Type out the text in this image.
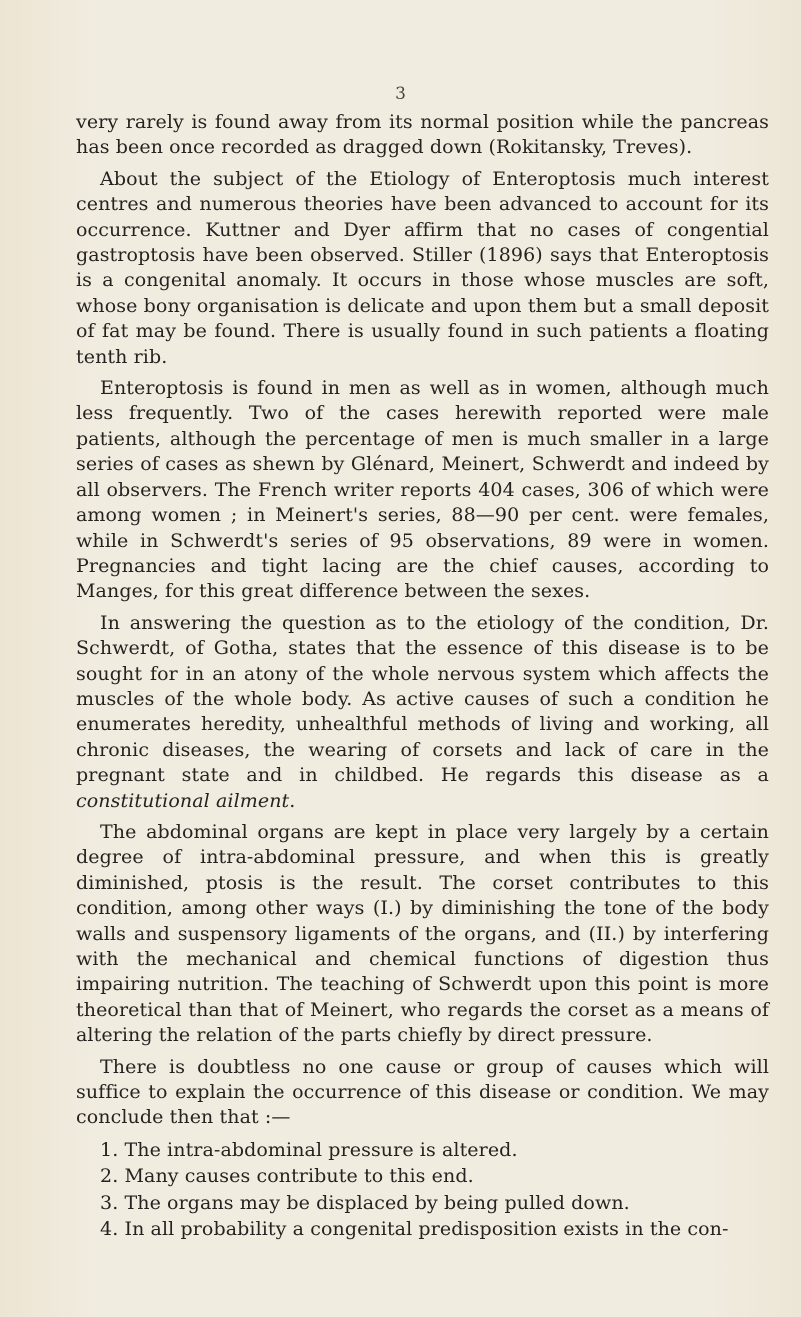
3

very rarely is found away from its normal position while the pancreas has been once recorded as dragged down (Rokitansky, Treves).

About the subject of the Etiology of Enteroptosis much interest centres and numerous theories have been advanced to account for its occurrence. Kuttner and Dyer affirm that no cases of congential gastroptosis have been observed. Stiller (1896) says that Enteroptosis is a congenital anomaly. It occurs in those whose muscles are soft, whose bony organisation is delicate and upon them but a small deposit of fat may be found. There is usually found in such patients a floating tenth rib.

Enteroptosis is found in men as well as in women, although much less frequently. Two of the cases herewith reported were male patients, although the percentage of men is much smaller in a large series of cases as shewn by Glénard, Meinert, Schwerdt and indeed by all observers. The French writer reports 404 cases, 306 of which were among women ; in Meinert's series, 88—90 per cent. were females, while in Schwerdt's series of 95 observations, 89 were in women. Pregnancies and tight lacing are the chief causes, according to Manges, for this great difference between the sexes.

In answering the question as to the etiology of the condition, Dr. Schwerdt, of Gotha, states that the essence of this disease is to be sought for in an atony of the whole nervous system which affects the muscles of the whole body. As active causes of such a condition he enumerates heredity, unhealthful methods of living and working, all chronic diseases, the wearing of corsets and lack of care in the pregnant state and in childbed. He regards this disease as a constitutional ailment.

The abdominal organs are kept in place very largely by a certain degree of intra-abdominal pressure, and when this is greatly diminished, ptosis is the result. The corset contributes to this condition, among other ways (I.) by diminishing the tone of the body walls and suspensory ligaments of the organs, and (II.) by interfering with the mechanical and chemical functions of digestion thus impairing nutrition. The teaching of Schwerdt upon this point is more theoretical than that of Meinert, who regards the corset as a means of altering the relation of the parts chiefly by direct pressure.

There is doubtless no one cause or group of causes which will suffice to explain the occurrence of this disease or condition. We may conclude then that :—

1. The intra-abdominal pressure is altered.
2. Many causes contribute to this end.
3. The organs may be displaced by being pulled down.
4. In all probability a congenital predisposition exists in the con-
